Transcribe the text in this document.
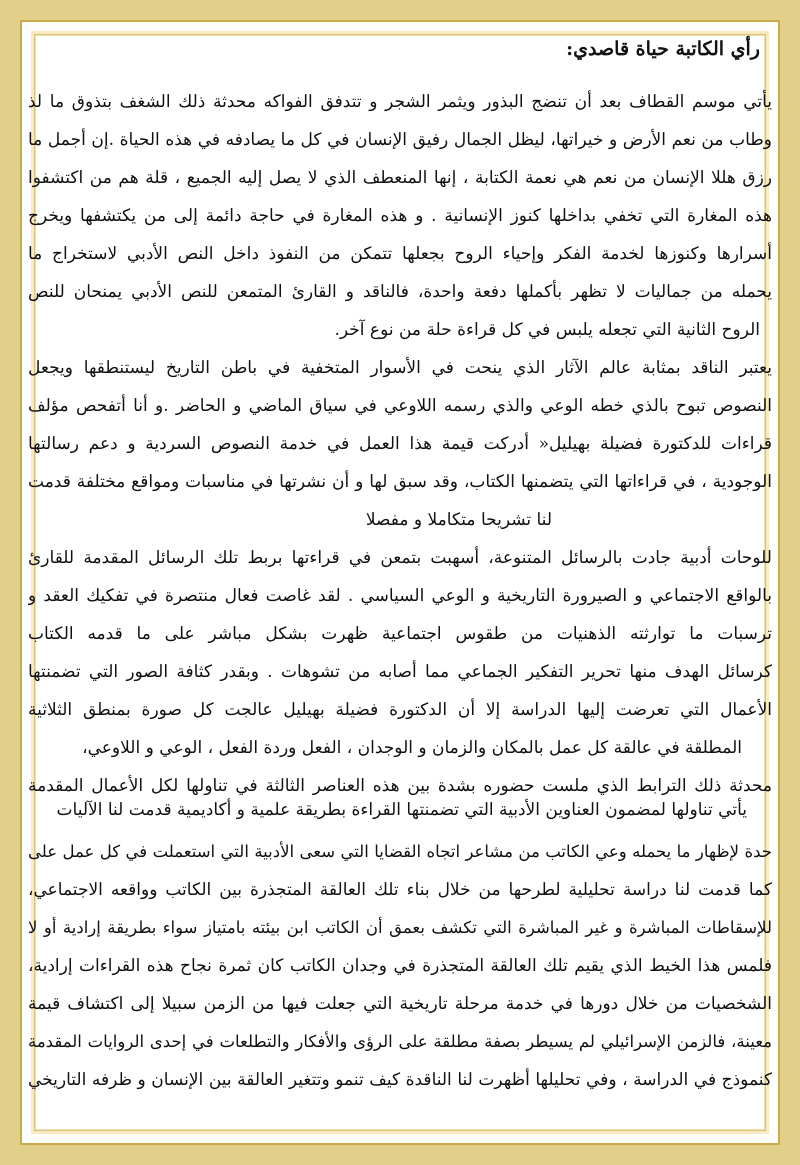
رأي الكاتبة حياة قاصدي:
يأتي موسم القطاف بعد أن تنضج البذور ويثمر الشجر و تتدفق الفواكه محدثة ذلك الشغف بتذوق ما لذ
وطاب من نعم الأرض و خيراتها، ليظل الجمال رفيق الإنسان في كل ما يصادفه في هذه الحياة .إن أجمل ما
رزق هللا الإنسان من نعم هي نعمة الكتابة ، إنها المنعطف الذي لا يصل إليه الجميع ، قلة هم من اكتشفوا
هذه المغارة التي تخفي بداخلها كنوز الإنسانية . و هذه المغارة في حاجة دائمة إلى من يكتشفها ويخرج
أسرارها وكنوزها لخدمة الفكر وإحياء الروح بجعلها تتمكن من النفوذ داخل النص الأدبي لاستخراج ما
يحمله من جماليات لا تظهر بأكملها دفعة واحدة، فالناقد و القارئ المتمعن للنص الأدبي يمنحان للنص
الروح الثانية التي تجعله يلبس في كل قراءة حلة من نوع آخر.
يعتبر الناقد بمثابة عالم الآثار الذي ينحت في الأسوار المتخفية في باطن التاريخ ليستنطقها ويجعل
النصوص تبوح بالذي خطه الوعي والذي رسمه اللاوعي في سياق الماضي و الحاضر .و أنا أتفحص مؤلف
قراءات للدكتورة فضيلة بهيليل« أدركت قيمة هذا العمل في خدمة النصوص السردية و دعم رسالتها
الوجودية ، في قراءاتها التي يتضمنها الكتاب، وقد سبق لها و أن نشرتها في مناسبات ومواقع مختلفة قدمت
لنا تشريحا متكاملا و مفصلا
للوحات أدبية جادت بالرسائل المتنوعة، أسهبت بتمعن في قراءتها بربط تلك الرسائل المقدمة للقارئ
بالواقع الاجتماعي و الصيرورة التاريخية و الوعي السياسي . لقد غاصت فعال منتصرة في تفكيك العقد و
ترسبات ما توارثته الذهنيات من طقوس اجتماعية ظهرت بشكل مباشر على ما قدمه الكتاب
كرسائل الهدف منها تحرير التفكير الجماعي مما أصابه من تشوهات . وبقدر كثافة الصور التي تضمنتها
الأعمال التي تعرضت إليها الدراسة إلا أن الدكتورة فضيلة بهيليل عالجت كل صورة بمنطق الثلاثية
المطلقة في عالقة كل عمل بالمكان والزمان و الوجدان ، الفعل وردة الفعل ، الوعي و اللاوعي،
محدثة ذلك الترابط الذي ملست حضوره بشدة بين هذه العناصر الثالثة في تناولها لكل الأعمال المقدمة
يأتي تناولها لمضمون العناوين الأدبية التي تضمنتها القراءة بطريقة علمية و أكاديمية قدمت لنا الآليات
حدة لإظهار ما يحمله وعي الكاتب من مشاعر اتجاه القضايا التي سعى الأدبية التي استعملت في كل عمل على
كما قدمت لنا دراسة تحليلية لطرحها من خلال بناء تلك العالقة المتجذرة بين الكاتب وواقعه الاجتماعي،
للإسقاطات المباشرة و غير المباشرة التي تكشف بعمق أن الكاتب ابن بيئته بامتياز سواء بطريقة إرادية أو لا
فلمس هذا الخيط الذي يقيم تلك العالقة المتجذرة في وجدان الكاتب كان ثمرة نجاح هذه القراءات إرادية،
الشخصيات من خلال دورها في خدمة مرحلة تاريخية التي جعلت فيها من الزمن سبيلا إلى اكتشاف قيمة
معينة، فالزمن الإسرائيلي لم يسيطر بصفة مطلقة على الرؤى والأفكار والتطلعات في إحدى الروايات المقدمة
كنموذج في الدراسة ، وفي تحليلها أظهرت لنا الناقدة كيف تنمو وتتغير العالقة بين الإنسان و ظرفه التاريخي
